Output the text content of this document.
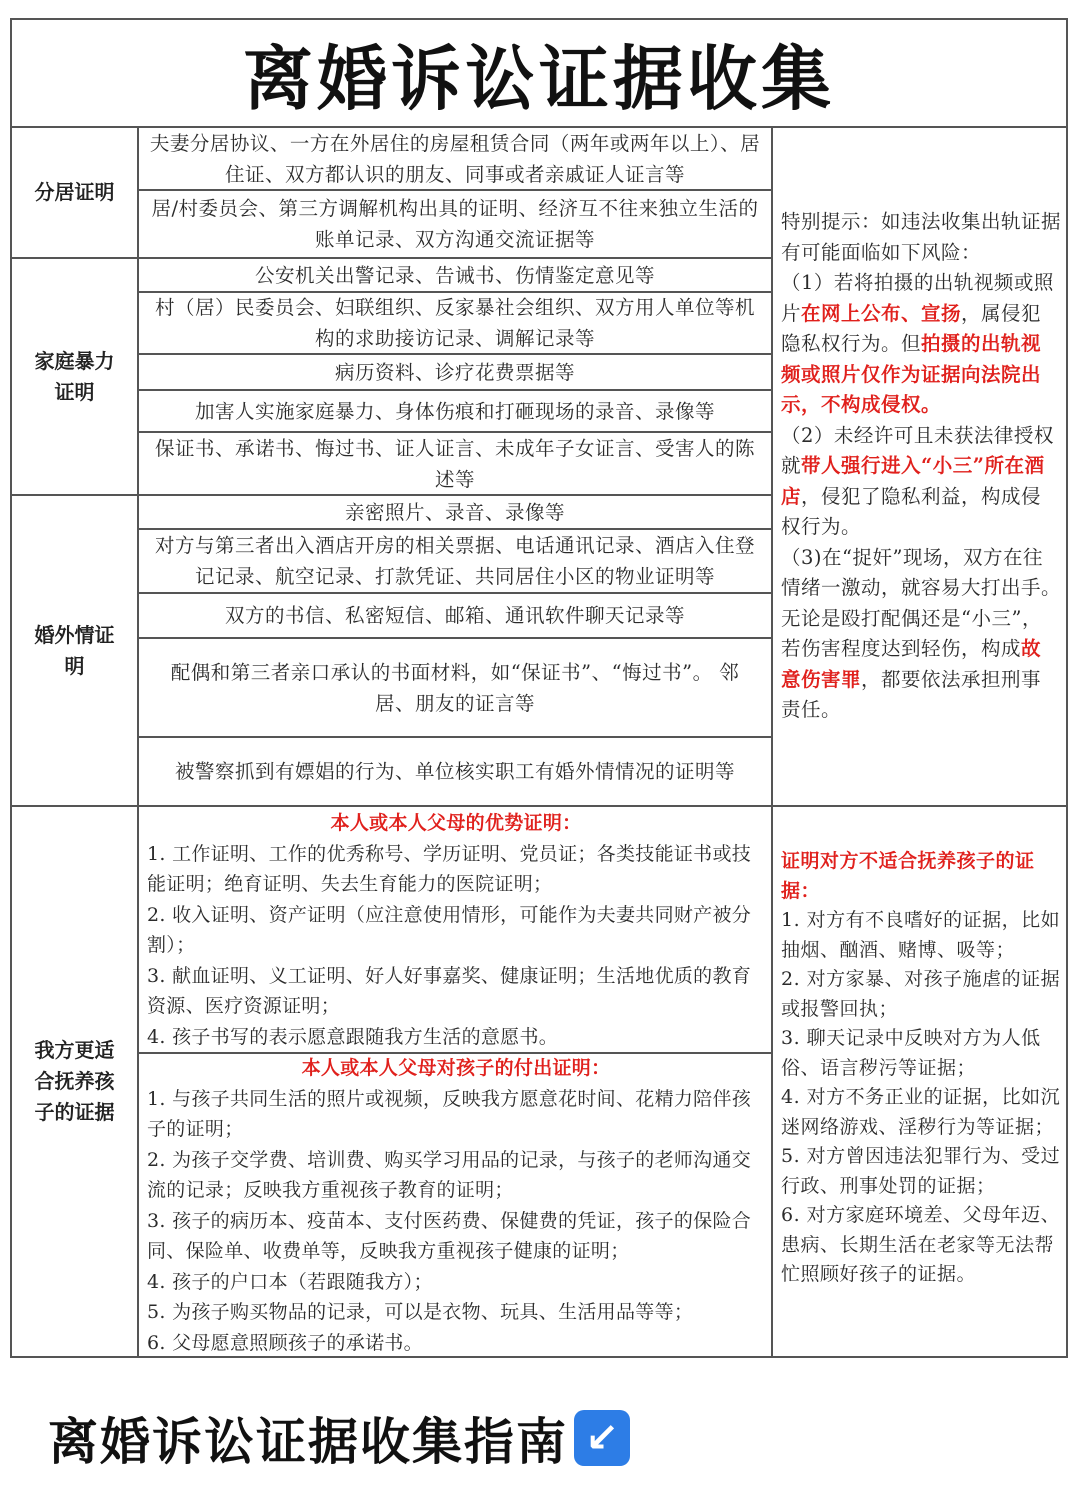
离婚诉讼证据收集
分居证明
家庭暴力证明
婚外情证明
我方更适合抚养孩子的证据
夫妻分居协议、一方在外居住的房屋租赁合同（两年或两年以上）、居住证、双方都认识的朋友、同事或者亲戚证人证言等
居/村委员会、第三方调解机构出具的证明、经济互不往来独立生活的账单记录、双方沟通交流证据等
公安机关出警记录、告诫书、伤情鉴定意见等
村（居）民委员会、妇联组织、反家暴社会组织、双方用人单位等机构的求助接访记录、调解记录等
病历资料、诊疗花费票据等
加害人实施家庭暴力、身体伤痕和打砸现场的录音、录像等
保证书、承诺书、悔过书、证人证言、未成年子女证言、受害人的陈述等
亲密照片、录音、录像等
对方与第三者出入酒店开房的相关票据、电话通讯记录、酒店入住登记记录、航空记录、打款凭证、共同居住小区的物业证明等
双方的书信、私密短信、邮箱、通讯软件聊天记录等
配偶和第三者亲口承认的书面材料，如“保证书”、“悔过书”。 邻居、朋友的证言等
被警察抓到有嫖娼的行为、单位核实职工有婚外情情况的证明等
特别提示：如违法收集出轨证据有可能面临如下风险：
（1）若将拍摄的出轨视频或照片在网上公布、宣扬，属侵犯隐私权行为。但拍摄的出轨视频或照片仅作为证据向法院出示，不构成侵权。
（2）未经许可且未获法律授权就带人强行进入“小三”所在酒店，侵犯了隐私利益，构成侵权行为。
（3)在“捉奸”现场，双方在往情绪一激动，就容易大打出手。无论是殴打配偶还是“小三”，若伤害程度达到轻伤，构成故意伤害罪，都要依法承担刑事责任。
本人或本人父母的优势证明：
1. 工作证明、工作的优秀称号、学历证明、党员证；各类技能证书或技能证明；绝育证明、失去生育能力的医院证明；
2. 收入证明、资产证明（应注意使用情形，可能作为夫妻共同财产被分割）；
3. 献血证明、义工证明、好人好事嘉奖、健康证明；生活地优质的教育资源、医疗资源证明；
4. 孩子书写的表示愿意跟随我方生活的意愿书。
本人或本人父母对孩子的付出证明：
1. 与孩子共同生活的照片或视频，反映我方愿意花时间、花精力陪伴孩子的证明；
2. 为孩子交学费、培训费、购买学习用品的记录，与孩子的老师沟通交流的记录；反映我方重视孩子教育的证明；
3. 孩子的病历本、疫苗本、支付医药费、保健费的凭证，孩子的保险合同、保险单、收费单等，反映我方重视孩子健康的证明；
4. 孩子的户口本（若跟随我方）；
5. 为孩子购买物品的记录，可以是衣物、玩具、生活用品等等；
6. 父母愿意照顾孩子的承诺书。
证明对方不适合抚养孩子的证据：
1. 对方有不良嗜好的证据，比如抽烟、酗酒、赌博、吸等；
2. 对方家暴、对孩子施虐的证据或报警回执；
3. 聊天记录中反映对方为人低俗、语言秽污等证据；
4. 对方不务正业的证据，比如沉迷网络游戏、淫秽行为等证据；
5. 对方曾因违法犯罪行为、受过行政、刑事处罚的证据；
6. 对方家庭环境差、父母年迈、患病、长期生活在老家等无法帮忙照顾好孩子的证据。
离婚诉讼证据收集指南 ↙
